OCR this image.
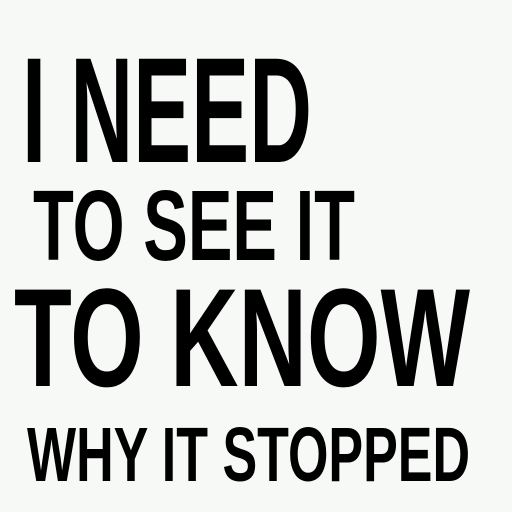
I NEED
TO SEE IT
TO KNOW
WHY IT STOPPED
